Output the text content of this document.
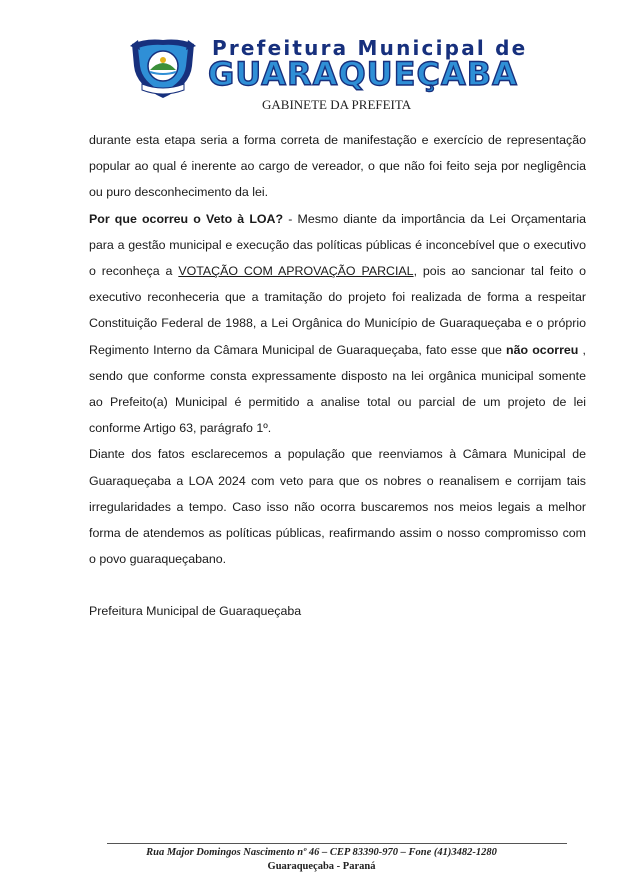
Prefeitura Municipal de
GUARAQUEÇABA
GABINETE DA PREFEITA

durante esta etapa seria a forma correta de manifestação e exercício de representação popular ao qual é inerente ao cargo de vereador, o que não foi feito seja por negligência ou puro desconhecimento da lei.

Por que ocorreu o Veto à LOA? - Mesmo diante da importância da Lei Orçamentaria para a gestão municipal e execução das políticas públicas é inconcebível que o executivo o reconheça a VOTAÇÃO COM APROVAÇÃO PARCIAL, pois ao sancionar tal feito o executivo reconheceria que a tramitação do projeto foi realizada de forma a respeitar Constituição Federal de 1988, a Lei Orgânica do Município de Guaraqueçaba e o próprio Regimento Interno da Câmara Municipal de Guaraqueçaba, fato esse que não ocorreu , sendo que conforme consta expressamente disposto na lei orgânica municipal somente ao Prefeito(a) Municipal é permitido a analise total ou parcial de um projeto de lei conforme Artigo 63, parágrafo 1º.

Diante dos fatos esclarecemos a população que reenviamos à Câmara Municipal de Guaraqueçaba a LOA 2024 com veto para que os nobres o reanalisem e corrijam tais irregularidades a tempo. Caso isso não ocorra buscaremos nos meios legais a melhor forma de atendemos as políticas públicas, reafirmando assim o nosso compromisso com o povo guaraqueçabano.

Prefeitura Municipal de Guaraqueçaba

Rua Major Domingos Nascimento nº 46 – CEP 83390-970 – Fone (41)3482-1280
Guaraqueçaba - Paraná
